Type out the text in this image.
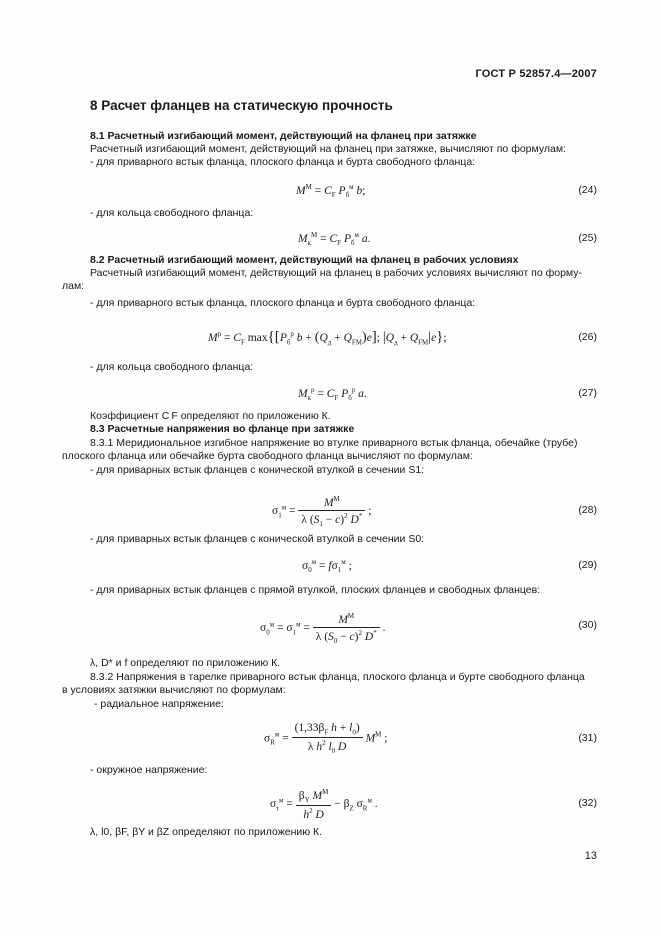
ГОСТ Р 52857.4—2007
8 Расчет фланцев на статическую прочность
8.1 Расчетный изгибающий момент, действующий на фланец при затяжке
Расчетный изгибающий момент, действующий на фланец при затяжке, вычисляют по формулам:
- для приварного встык фланца, плоского фланца и бурта свободного фланца:
$M^М = C_F$ $P_б^м$ b;	(24)
- для кольца свободного фланца:
$M_к^М = C_F$ $P_б^м$ a.	(25)
8.2 Расчетный изгибающий момент, действующий на фланец в рабочих условиях
Расчетный изгибающий момент, действующий на фланец в рабочих условиях вычисляют по форму-
лам:
- для приварного встык фланца, плоского фланца и бурта свободного фланца:
$M^р = C_F$ $\max\{[P_б^р$ $b + (Q_д + Q_{FM})e$]; $|Q_д + Q_{FM}|e$};	(26)
- для кольца свободного фланца:
$M_к^р = C_F$ $P_б^р$ a.	(27)
Коэффициент C F определяют по приложению К.
8.3 Расчетные напряжения во фланце при затяжке
8.3.1 Меридиональное изгибное напряжение во втулке приварного встык фланца, обечайке (трубе)
плоского фланца или обечайке бурта свободного фланца вычисляют по формулам:
- для приварных встык фланцев с конической втулкой в сечении S1:
$\sigma_1^м = \frac{M^М}{\lambda (S_1 - c)^2 D^*}$ ;	(28)
- для приварных встык фланцев с конической втулкой в сечении S0:
$\sigma_0^м = f\sigma_1^м$ ;	(29)
- для приварных встык фланцев с прямой втулкой, плоских фланцев и свободных фланцев:
$\sigma_0^м = \sigma_1^м = \frac{M^М}{\lambda (S_0 - c)^2 D^*}$ .	(30)
λ, D* и f определяют по приложению К.
8.3.2 Напряжения в тарелке приварного встык фланца, плоского фланца и бурте свободного фланца
в условиях затяжки вычисляют по формулам:
- радиальное напряжение:
$\sigma_R^м = \frac{(1,33\beta_F h + l_0)}{\lambda h^2 l_0 D} M^М$ ;	(31)
- окружное напряжение:
$\sigma_\tau^м = \frac{\beta_Y M^М}{h^2 D} - \beta_Z$ $\sigma_R^м$ .	(32)
λ, l0, βF, βY и βZ определяют по приложению К.
13
